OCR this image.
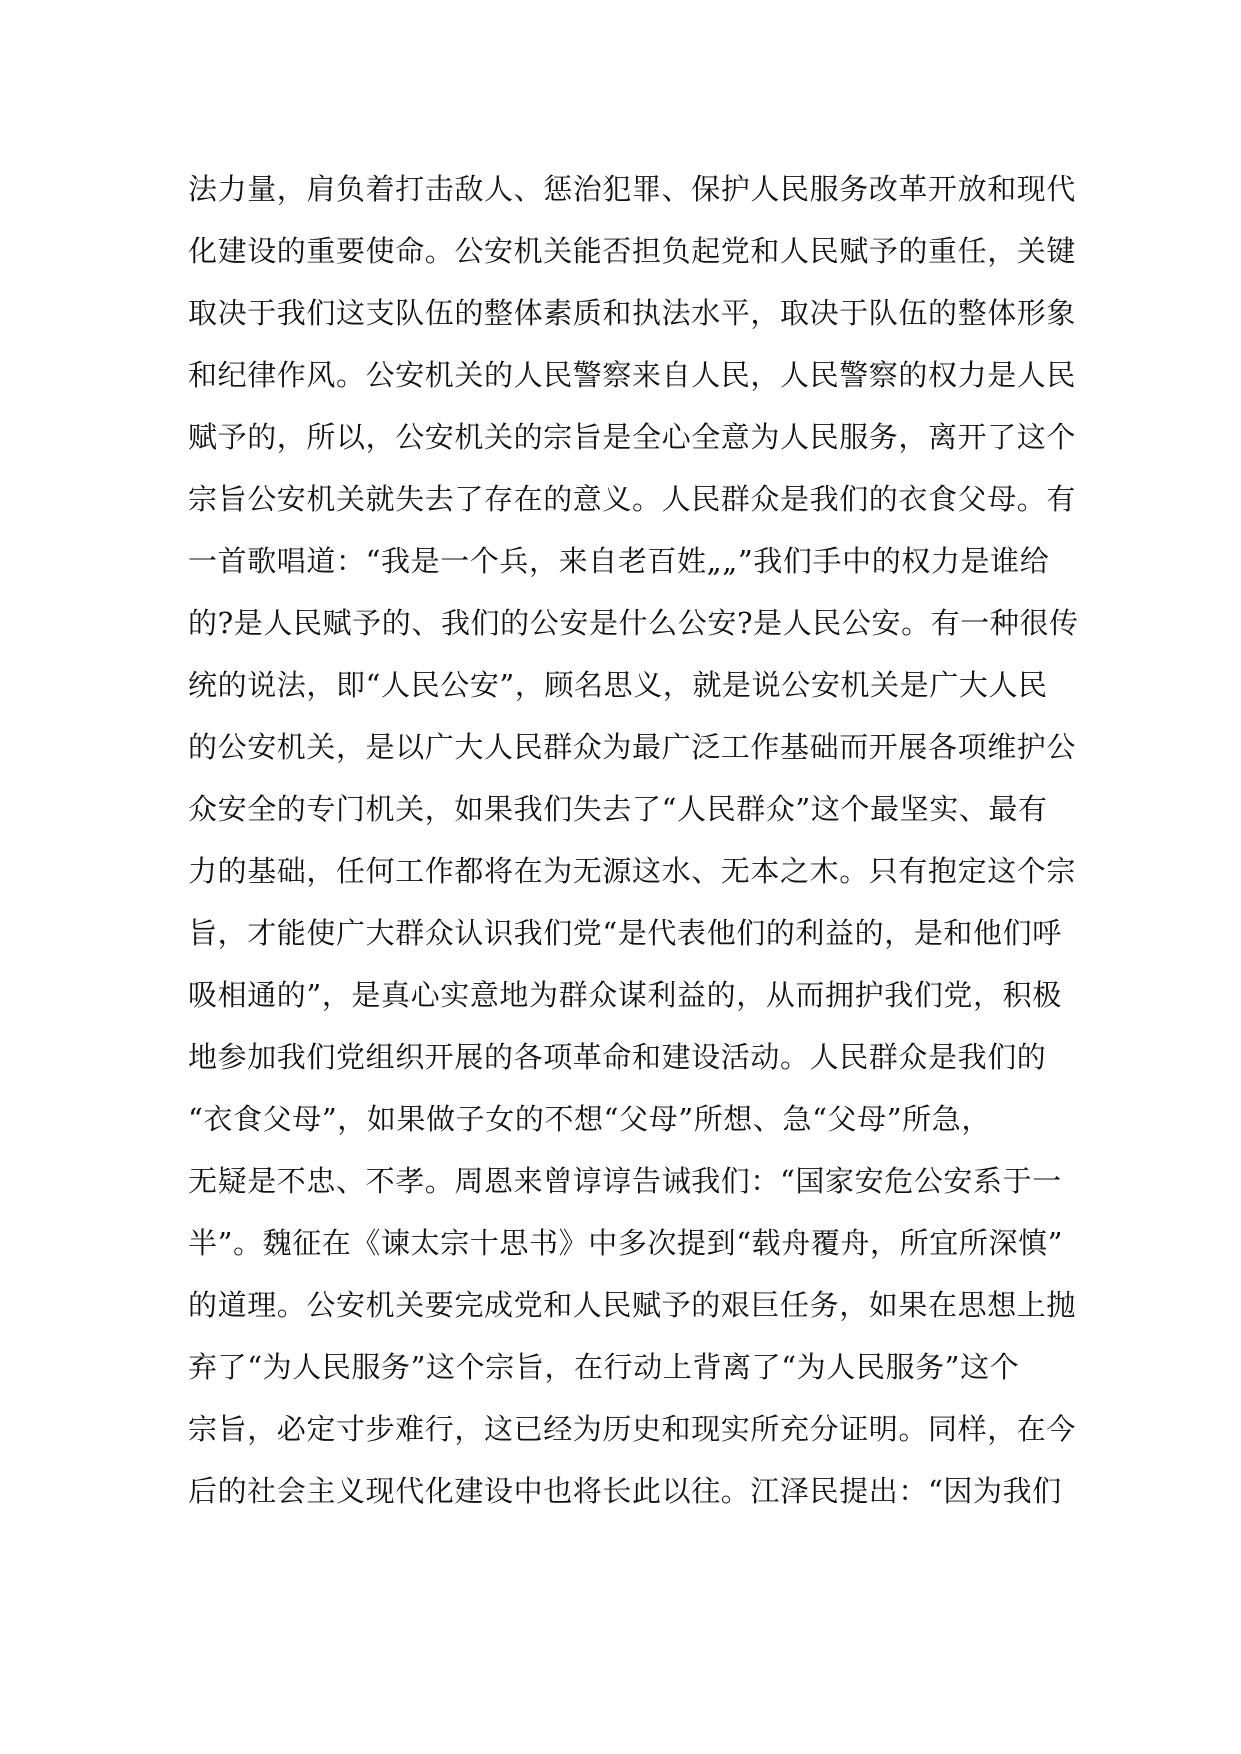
法力量，肩负着打击敌人、惩治犯罪、保护人民服务改革开放和现代
化建设的重要使命。公安机关能否担负起党和人民赋予的重任，关键
取决于我们这支队伍的整体素质和执法水平，取决于队伍的整体形象
和纪律作风。公安机关的人民警察来自人民，人民警察的权力是人民
赋予的，所以，公安机关的宗旨是全心全意为人民服务，离开了这个
宗旨公安机关就失去了存在的意义。人民群众是我们的衣食父母。有
一首歌唱道：“我是一个兵，来自老百姓„„”我们手中的权力是谁给
的?是人民赋予的、我们的公安是什么公安?是人民公安。有一种很传
统的说法，即“人民公安”，顾名思义，就是说公安机关是广大人民
的公安机关，是以广大人民群众为最广泛工作基础而开展各项维护公
众安全的专门机关，如果我们失去了“人民群众”这个最坚实、最有
力的基础，任何工作都将在为无源这水、无本之木。只有抱定这个宗
旨，才能使广大群众认识我们党“是代表他们的利益的，是和他们呼
吸相通的”，是真心实意地为群众谋利益的，从而拥护我们党，积极
地参加我们党组织开展的各项革命和建设活动。人民群众是我们的
“衣食父母”，如果做子女的不想“父母”所想、急“父母”所急，
无疑是不忠、不孝。周恩来曾谆谆告诫我们：“国家安危公安系于一
半”。魏征在《谏太宗十思书》中多次提到“载舟覆舟，所宜所深慎”
的道理。公安机关要完成党和人民赋予的艰巨任务，如果在思想上抛
弃了“为人民服务”这个宗旨，在行动上背离了“为人民服务”这个
宗旨，必定寸步难行，这已经为历史和现实所充分证明。同样，在今
后的社会主义现代化建设中也将长此以往。江泽民提出：“因为我们
